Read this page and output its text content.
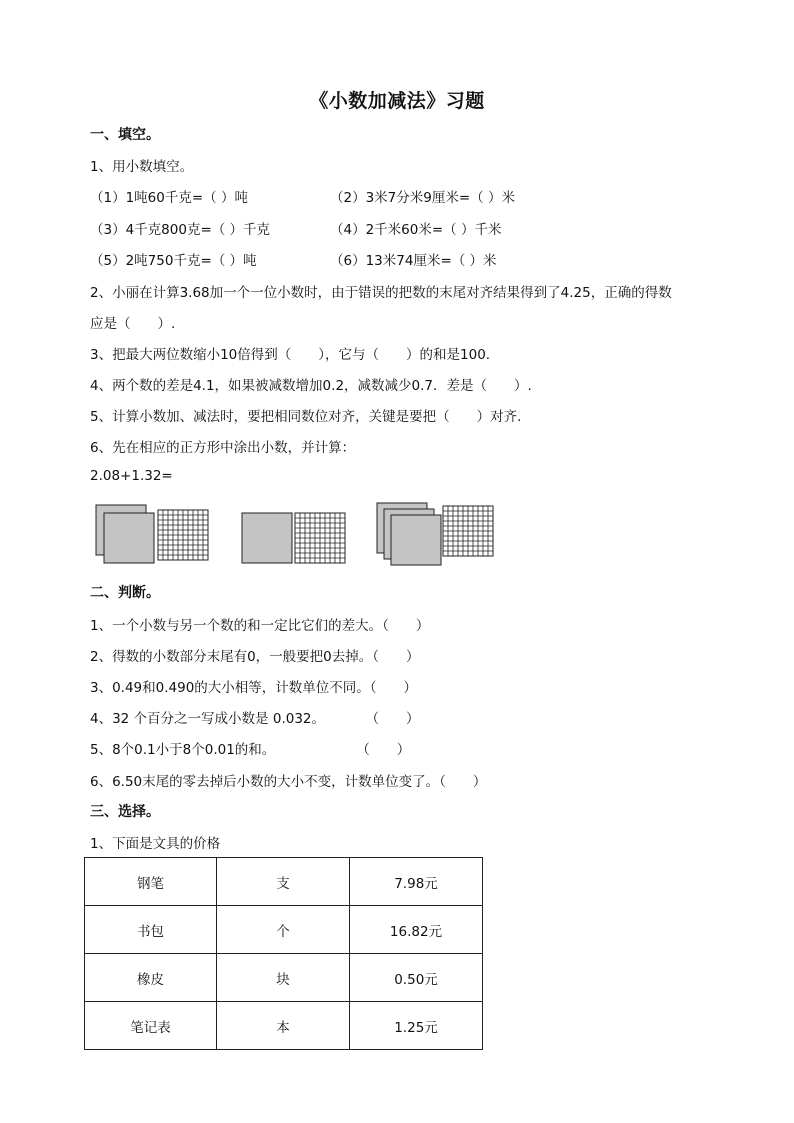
《小数加减法》习题
一、填空。
1、用小数填空。
（1）1吨60千克=（ ）吨	（2）3米7分米9厘米=（ ）米
（3）4千克800克=（ ）千克	（4）2千米60米=（ ）千米
（5）2吨750千克=（ ）吨	（6）13米74厘米=（ ）米
2、小丽在计算3.68加一个一位小数时，由于错误的把数的末尾对齐结果得到了4.25，正确的得数
应是（　　）.
3、把最大两位数缩小10倍得到（　　），它与（　　）的和是100.
4、两个数的差是4.1，如果被减数增加0.2，减数减少0.7．差是（　　）.
5、计算小数加、减法时，要把相同数位对齐，关键是要把（　　）对齐.
6、先在相应的正方形中涂出小数，并计算：
2.08+1.32=
二、判断。
1、一个小数与另一个数的和一定比它们的差大。（　　）
2、得数的小数部分末尾有0，一般要把0去掉。（　　）
3、0.49和0.490的大小相等，计数单位不同。（　　）
4、32 个百分之一写成小数是 0.032。　　　　（　　）
5、8个0.1小于8个0.01的和。　　　　　　　（　　）
6、6.50末尾的零去掉后小数的大小不变，计数单位变了。（　　）
三、选择。
1、下面是文具的价格
钢笔	支	7.98元
书包	个	16.82元
橡皮	块	0.50元
笔记表	本	1.25元
